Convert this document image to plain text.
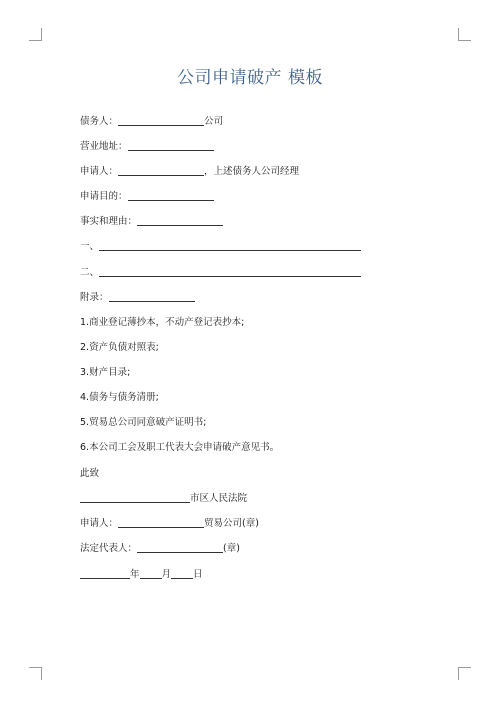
公司申请破产 模板
债务人：	公司
营业地址：
申请人：	，上述债务人公司经理
申请目的：
事实和理由：
一、
二、
附录：
1.商业登记薄抄本，不动产登记表抄本;
2.资产负债对照表;
3.财产目录;
4.债务与债务清册;
5.贸易总公司同意破产证明书;
6.本公司工会及职工代表大会申请破产意见书。
此致
市区人民法院
申请人：	贸易公司(章)
法定代表人：	(章)
年 月 日
